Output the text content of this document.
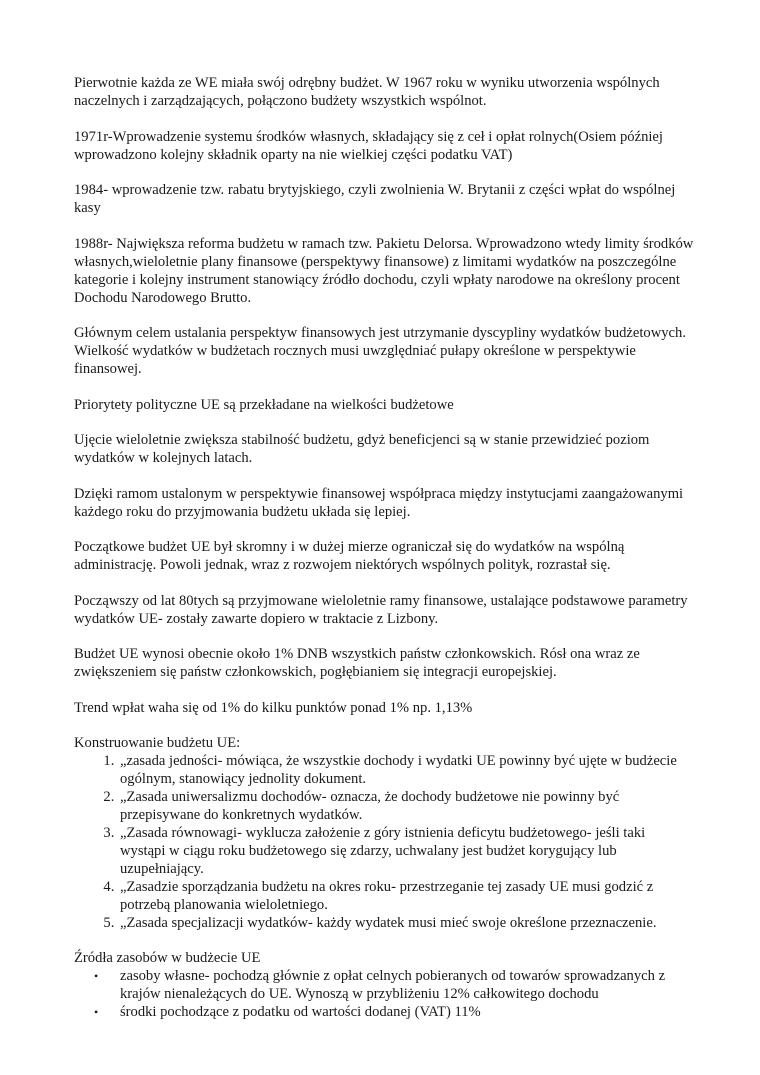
Pierwotnie każda ze WE miała swój odrębny budżet. W 1967 roku w wyniku utworzenia wspólnych naczelnych i zarządzających, połączono budżety wszystkich wspólnot.

1971r-Wprowadzenie systemu środków własnych, składający się z ceł i opłat rolnych(Osiem później wprowadzono kolejny składnik oparty na nie wielkiej części podatku VAT)

1984- wprowadzenie tzw. rabatu brytyjskiego, czyli zwolnienia W. Brytanii z części wpłat do wspólnej kasy

1988r- Największa reforma budżetu w ramach tzw. Pakietu Delorsa. Wprowadzono wtedy limity środków własnych,wieloletnie plany finansowe (perspektywy finansowe) z limitami wydatków na poszczególne kategorie i kolejny instrument stanowiący źródło dochodu, czyli wpłaty narodowe na określony procent Dochodu Narodowego Brutto.

Głównym celem ustalania perspektyw finansowych jest utrzymanie dyscypliny wydatków budżetowych. Wielkość wydatków w budżetach rocznych musi uwzględniać pułapy określone w perspektywie finansowej.

Priorytety polityczne UE są przekładane na wielkości budżetowe

Ujęcie wieloletnie zwiększa stabilność budżetu, gdyż beneficjenci są w stanie przewidzieć poziom wydatków w kolejnych latach.

Dzięki ramom ustalonym w perspektywie finansowej współpraca między instytucjami zaangażowanymi każdego roku do przyjmowania budżetu układa się lepiej.

Początkowe budżet UE był skromny i w dużej mierze ograniczał się do wydatków na wspólną administrację. Powoli jednak, wraz z rozwojem niektórych wspólnych polityk, rozrastał się.

Począwszy od lat 80tych są przyjmowane wieloletnie ramy finansowe, ustalające podstawowe parametry wydatków UE- zostały zawarte dopiero w traktacie z Lizbony.

Budżet UE wynosi obecnie około 1% DNB wszystkich państw członkowskich. Rósł ona wraz ze zwiększeniem się państw członkowskich, pogłębianiem się integracji europejskiej.

Trend wpłat waha się od 1% do kilku punktów ponad 1% np. 1,13%

Konstruowanie budżetu UE:
1. „zasada jedności- mówiąca, że wszystkie dochody i wydatki UE powinny być ujęte w budżecie ogólnym, stanowiący jednolity dokument.
2. „Zasada uniwersalizmu dochodów- oznacza, że dochody budżetowe nie powinny być przepisywane do konkretnych wydatków.
3. „Zasada równowagi- wyklucza założenie z góry istnienia deficytu budżetowego- jeśli taki wystąpi w ciągu roku budżetowego się zdarzy, uchwalany jest budżet korygujący lub uzupełniający.
4. „Zasadzie sporządzania budżetu na okres roku- przestrzeganie tej zasady UE musi godzić z potrzebą planowania wieloletniego.
5. „Zasada specjalizacji wydatków- każdy wydatek musi mieć swoje określone przeznaczenie.
Źródła zasobów w budżecie UE
• zasoby własne- pochodzą głównie z opłat celnych pobieranych od towarów sprowadzanych z krajów nienależących do UE. Wynoszą w przybliżeniu 12% całkowitego dochodu
• środki pochodzące z podatku od wartości dodanej (VAT) 11%
